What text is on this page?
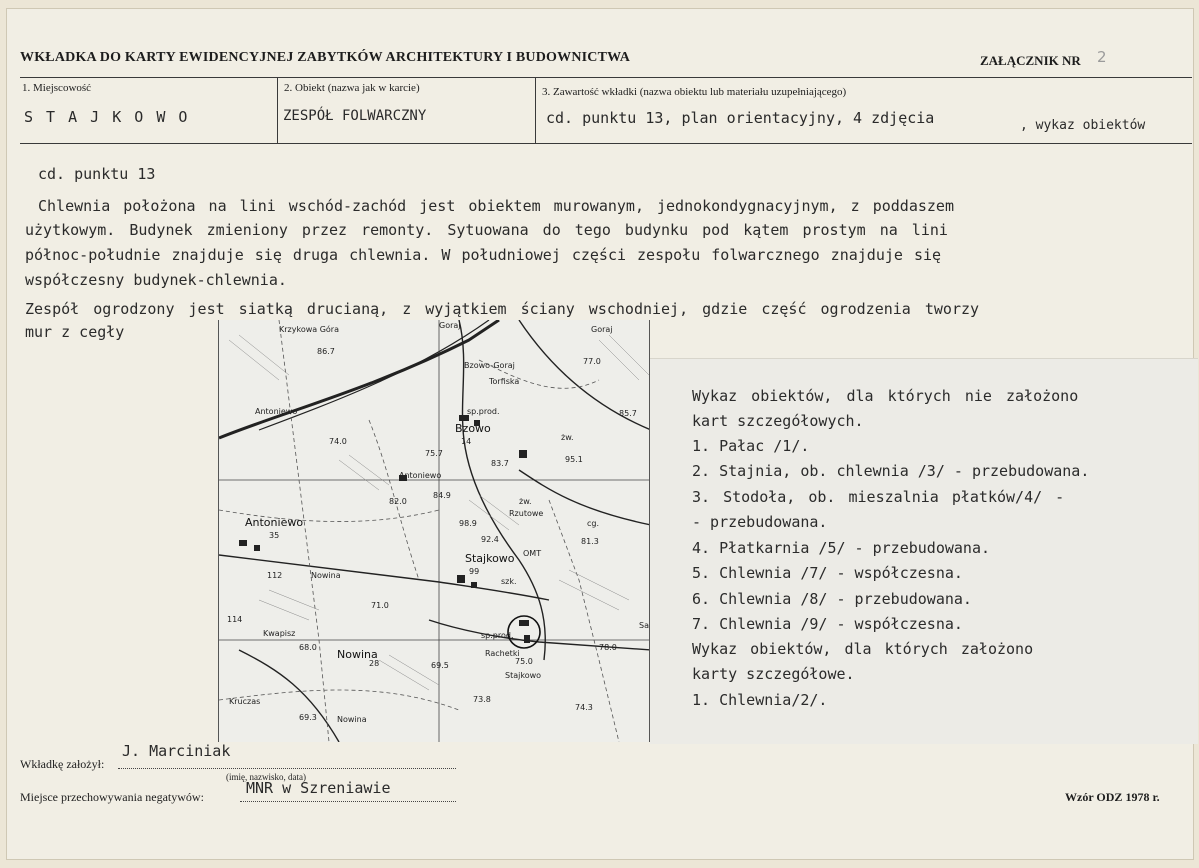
WKŁADKA DO KARTY EWIDENCYJNEJ ZABYTKÓW ARCHITEKTURY I BUDOWNICTWA	ZAŁĄCZNIK NR 2
1. Miejscowość
S T A J K O W O
2. Obiekt (nazwa jak w karcie)
ZESPÓŁ FOLWARCZNY
3. Zawartość wkładki (nazwa obiektu lub materiału uzupełniającego)
cd. punktu 13, plan orientacyjny, 4 zdjęcia	, wykaz obiektów
cd. punktu 13
Chlewnia położona na lini wschód-zachód jest obiektem murowanym, jednokondygnacyjnym, z poddaszem
użytkowym. Budynek zmieniony przez remonty. Sytuowana do tego budynku pod kątem prostym na lini
północ-południe znajduje się druga chlewnia. W południowej części zespołu folwarcznego znajduje się
współczesny budynek-chlewnia.
Zespół ogrodzony jest siatką drucianą, z wyjątkiem ściany wschodniej, gdzie część ogrodzenia tworzy
mur z cegły	Krzykowa Góra	Goraj	Goraj
86.7
Bzowo-Goraj
Torfiska
sp.prod.
77.0
Antoniewo
Bzowo
14
85.7
74.0
75.7
83.7
żw.
95.1
Antoniewo
84.9
82.0	żw.
Antoniewo
35
98.9
Rzutowe
92.4
cg.
81.3
Stajkowo OMT
99
szk.
112	Nowina
71.0
114
Kwapisz
68.0
sp.prod.
Nowina
28	69.5
Rachetki
78.0
75.0
Stajkowo
Kruczas	73.8
69.3	Nowina
74.3
Sa
Wykaz obiektów, dla których nie założono
kart szczegółowych.
1. Pałac /1/.
2. Stajnia, ob. chlewnia /3/ - przebudowana.
3. Stodoła, ob. mieszalnia płatków/4/ -
- przebudowana.
4. Płatkarnia /5/ - przebudowana.
5. Chlewnia /7/ - współczesna.
6. Chlewnia /8/ - przebudowana.
7. Chlewnia /9/ - współczesna.
Wykaz obiektów, dla których założono
karty szczegółowe.
1. Chlewnia/2/.
J. Marciniak
Wkładkę założył:
(imię, nazwisko, data)
MNR w Szreniawie
Miejsce przechowywania negatywów:	Wzór ODZ 1978 r.
